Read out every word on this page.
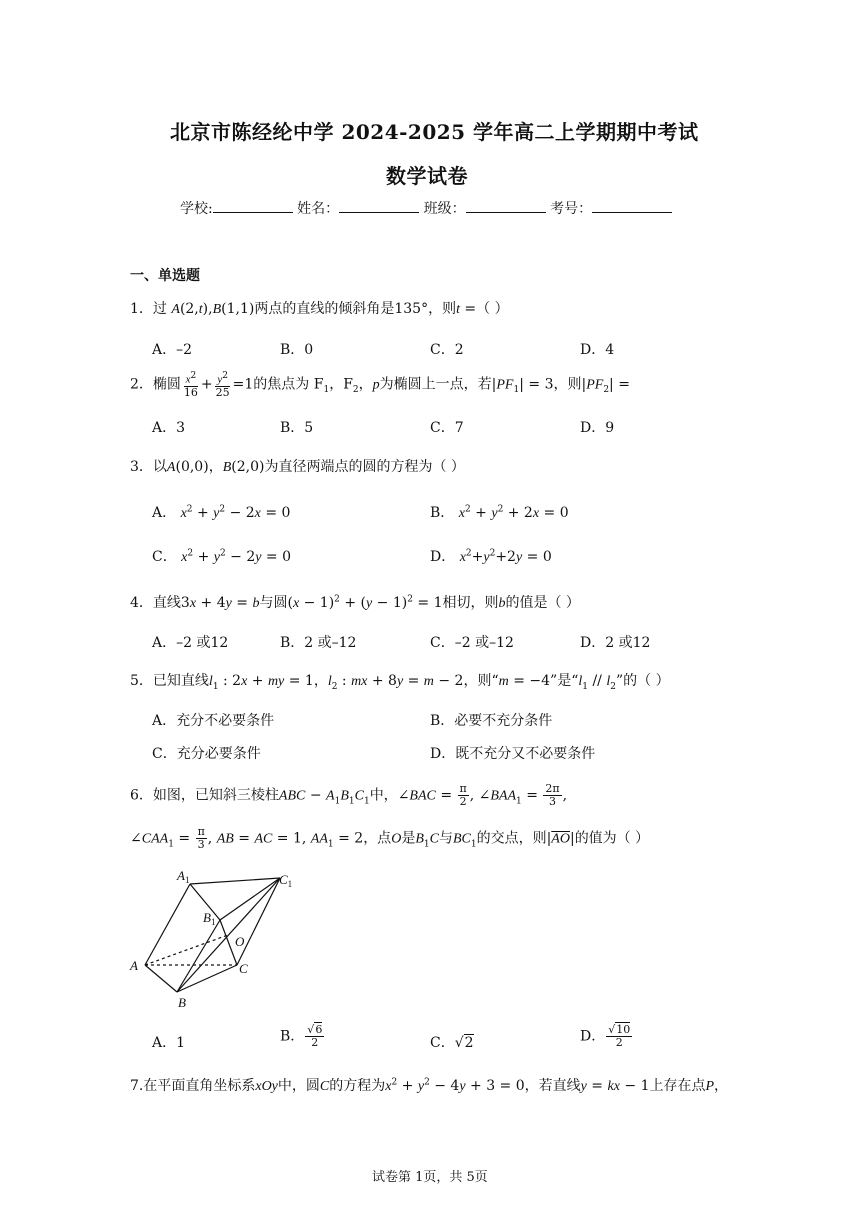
北京市陈经纶中学 2024-2025 学年高二上学期期中考试
数学试卷
学校:	姓名：	班级：	考号：
一、单选题
1．过 A(2,t),B(1,1)两点的直线的倾斜角是135°，则t =（ ）
A．–2	B．0	C．2	D．4
2．椭圆 $\frac{x^2}{16} + \frac{y^2}{25} =1$的焦点为 $F_1$，$F_2$，p为椭圆上一点，若$|PF_1| = 3$，则$|PF_2|$ =
A．3	B．5	C．7	D．9
3．以A(0,0)，B(2,0)为直径两端点的圆的方程为（ ）
A． $x^2 + y^2 - 2x = 0$	B． $x^2 + y^2 + 2x = 0$
C． $x^2 + y^2 - 2y = 0$	D． $x^2+y^2+2y = 0$
4．直线3x + 4y = b与圆$(x - 1)^2 + (y - 1)^2 = 1$相切，则b的值是（ ）
A．–2 或12	B．2 或–12	C．–2 或–12	D．2 或12
5．已知直线$l_1$ : 2x + my = 1，$l_2$ : mx + 8y = m − 2，则“m = −4”是“$l_1 // l_2$”的（ ）
A．充分不必要条件	B．必要不充分条件
C．充分必要条件	D．既不充分又不必要条件
6．如图，已知斜三棱柱ABC − $A_1B_1C_1$中，∠BAC = $\frac{\pi}{2}$ , $\angle BAA_1 = \frac{2\pi}{3}$ ,
$\angle CAA_1 = \frac{\pi}{3}$ , AB = AC = 1, $AA_1 = 2$，点O是$B_1C$与$BC_1$的交点，则$|\overline{AO}|$的值为（ ）
$A_1$	$C_1$
$B_1$
O
A	C
B
A．1	B． $\frac{√6}{2}$	C．√2	D． $\frac{√10}{2}$
7.在平面直角坐标系xOy中，圆C的方程为$x^2 + y^2 - 4y + 3 = 0$，若直线y = kx − 1上存在点P，
试卷第 1页，共 5页
